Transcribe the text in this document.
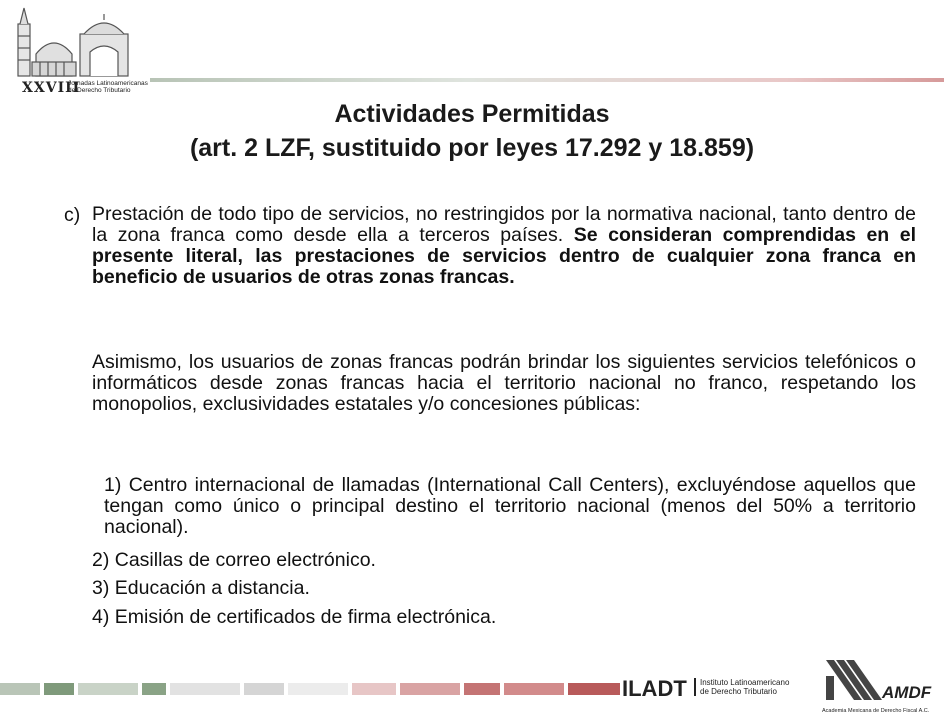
XXVIII
Jornadas Latinoamericanas
de Derecho Tributario
Actividades Permitidas
(art. 2 LZF, sustituido por leyes 17.292 y 18.859)
c) Prestación de todo tipo de servicios, no restringidos por la normativa nacional, tanto dentro de la zona franca como desde ella a terceros países. Se consideran comprendidas en el presente literal, las prestaciones de servicios dentro de cualquier zona franca en beneficio de usuarios de otras zonas francas.
Asimismo, los usuarios de zonas francas podrán brindar los siguientes servicios telefónicos o informáticos desde zonas francas hacia el territorio nacional no franco, respetando los monopolios, exclusividades estatales y/o concesiones públicas:
1) Centro internacional de llamadas (International Call Centers), excluyéndose aquellos que tengan como único o principal destino el territorio nacional (menos del 50% a territorio nacional).
2) Casillas de correo electrónico.
3) Educación a distancia.
4) Emisión de certificados de firma electrónica.
ILADT	Instituto Latinoamericano
de Derecho Tributario	AMDF
Academia Mexicana de Derecho Fiscal A.C.
